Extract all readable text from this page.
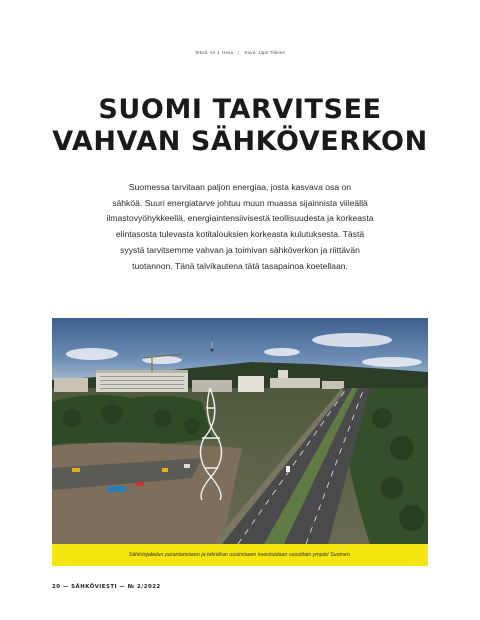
Teksti: Ari J. Hesa | Kuva: Jape Tiitinen
SUOMI TARVITSEE
VAHVAN SÄHKÖVERKON
Suomessa tarvitaan paljon energiaa, josta kasvava osa on
sähköä. Suuri energiatarve johtuu muun muassa sijainnista viileällä
ilmastovyöhykkeellä, energiaintensiivisestä teollisuudesta ja korkeasta
elintasosta tulevasta kotitalouksien korkeasta kulutuksesta. Tästä
syystä tarvitsemme vahvan ja toimivan sähköverkon ja riittävän
tuotannon. Tänä talvikautena tätä tasapainoa koetellaan.
Sähkönjakelun parantamiseen ja tekniikan uusimiseen investoidaan vuosittain ympäri Suomen.
20 — SÄHKÖVIESTI — № 2/2022
